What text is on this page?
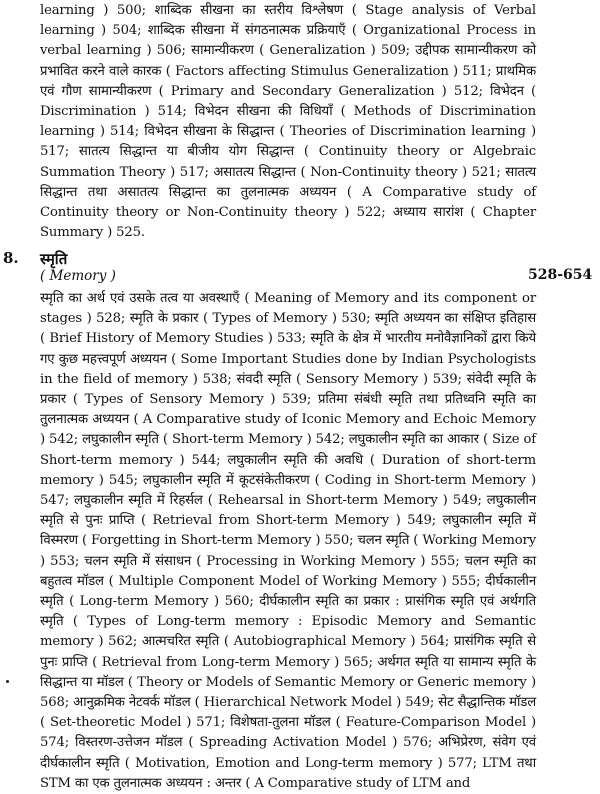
learning ) 500; शाब्दिक सीखना का स्तरीय विश्लेषण ( Stage analysis of Verbal learning ) 504; शाब्दिक सीखना में संगठनात्मक प्रक्रियाएँ ( Organizational Process in verbal learning ) 506; सामान्यीकरण ( Generalization ) 509; उद्दीपक सामान्यीकरण को प्रभावित करने वाले कारक ( Factors affecting Stimulus Generalization ) 511; प्राथमिक एवं गौण सामान्यीकरण ( Primary and Secondary Generalization ) 512; विभेदन ( Discrimination ) 514; विभेदन सीखना की विधियाँ ( Methods of Discrimination learning ) 514; विभेदन सीखना के सिद्धान्त ( Theories of Discrimination learning ) 517; सातत्य सिद्धान्त या बीजीय योग सिद्धान्त ( Continuity theory or Algebraic Summation Theory ) 517; असातत्य सिद्धान्त ( Non-Continuity theory ) 521; सातत्य सिद्धान्त तथा असातत्य सिद्धान्त का तुलनात्मक अध्ययन ( A Comparative study of Continuity theory or Non-Continuity theory ) 522; अध्याय सारांश ( Chapter Summary ) 525.

8. स्मृति
( Memory )	528-654

स्मृति का अर्थ एवं उसके तत्व या अवस्थाएँ ( Meaning of Memory and its component or stages ) 528; स्मृति के प्रकार ( Types of Memory ) 530; स्मृति अध्ययन का संक्षिप्त इतिहास ( Brief History of Memory Studies ) 533; स्मृति के क्षेत्र में भारतीय मनोवैज्ञानिकों द्वारा किये गए कुछ महत्त्वपूर्ण अध्ययन ( Some Important Studies done by Indian Psychologists in the field of memory ) 538; संवदी स्मृति ( Sensory Memory ) 539; संवेदी स्मृति के प्रकार ( Types of Sensory Memory ) 539; प्रतिमा संबंधी स्मृति तथा प्रतिध्वनि स्मृति का तुलनात्मक अध्ययन ( A Comparative study of Iconic Memory and Echoic Memory ) 542; लघुकालीन स्मृति ( Short-term Memory ) 542; लघुकालीन स्मृति का आकार ( Size of Short-term memory ) 544; लघुकालीन स्मृति की अवधि ( Duration of short-term memory ) 545; लघुकालीन स्मृति में कूटसंकेतीकरण ( Coding in Short-term Memory ) 547; लघुकालीन स्मृति में रिहर्सल ( Rehearsal in Short-term Memory ) 549; लघुकालीन स्मृति से पुनः प्राप्ति ( Retrieval from Short-term Memory ) 549; लघुकालीन स्मृति में विस्मरण ( Forgetting in Short-term Memory ) 550; चलन स्मृति ( Working Memory ) 553; चलन स्मृति में संसाधन ( Processing in Working Memory ) 555; चलन स्मृति का बहुतत्व मॉडल ( Multiple Component Model of Working Memory ) 555; दीर्घकालीन स्मृति ( Long-term Memory ) 560; दीर्घकालीन स्मृति का प्रकार : प्रासंगिक स्मृति एवं अर्थगति स्मृति ( Types of Long-term memory : Episodic Memory and Semantic memory ) 562; आत्मचरित स्मृति ( Autobiographical Memory ) 564; प्रासंगिक स्मृति से पुनः प्राप्ति ( Retrieval from Long-term Memory ) 565; अर्थगत स्मृति या सामान्य स्मृति के सिद्धान्त या मॉडल ( Theory or Models of Semantic Memory or Generic memory ) 568; आनुक्रमिक नेटवर्क मॉडल ( Hierarchical Network Model ) 549; सेट सैद्धान्तिक मॉडल ( Set-theoretic Model ) 571; विशेषता-तुलना मॉडल ( Feature-Comparison Model ) 574; विस्तरण-उत्तेजन मॉडल ( Spreading Activation Model ) 576; अभिप्रेरण, संवेग एवं दीर्घकालीन स्मृति ( Motivation, Emotion and Long-term memory ) 577; LTM तथा STM का एक तुलनात्मक अध्ययन : अन्तर ( A Comparative study of LTM and
